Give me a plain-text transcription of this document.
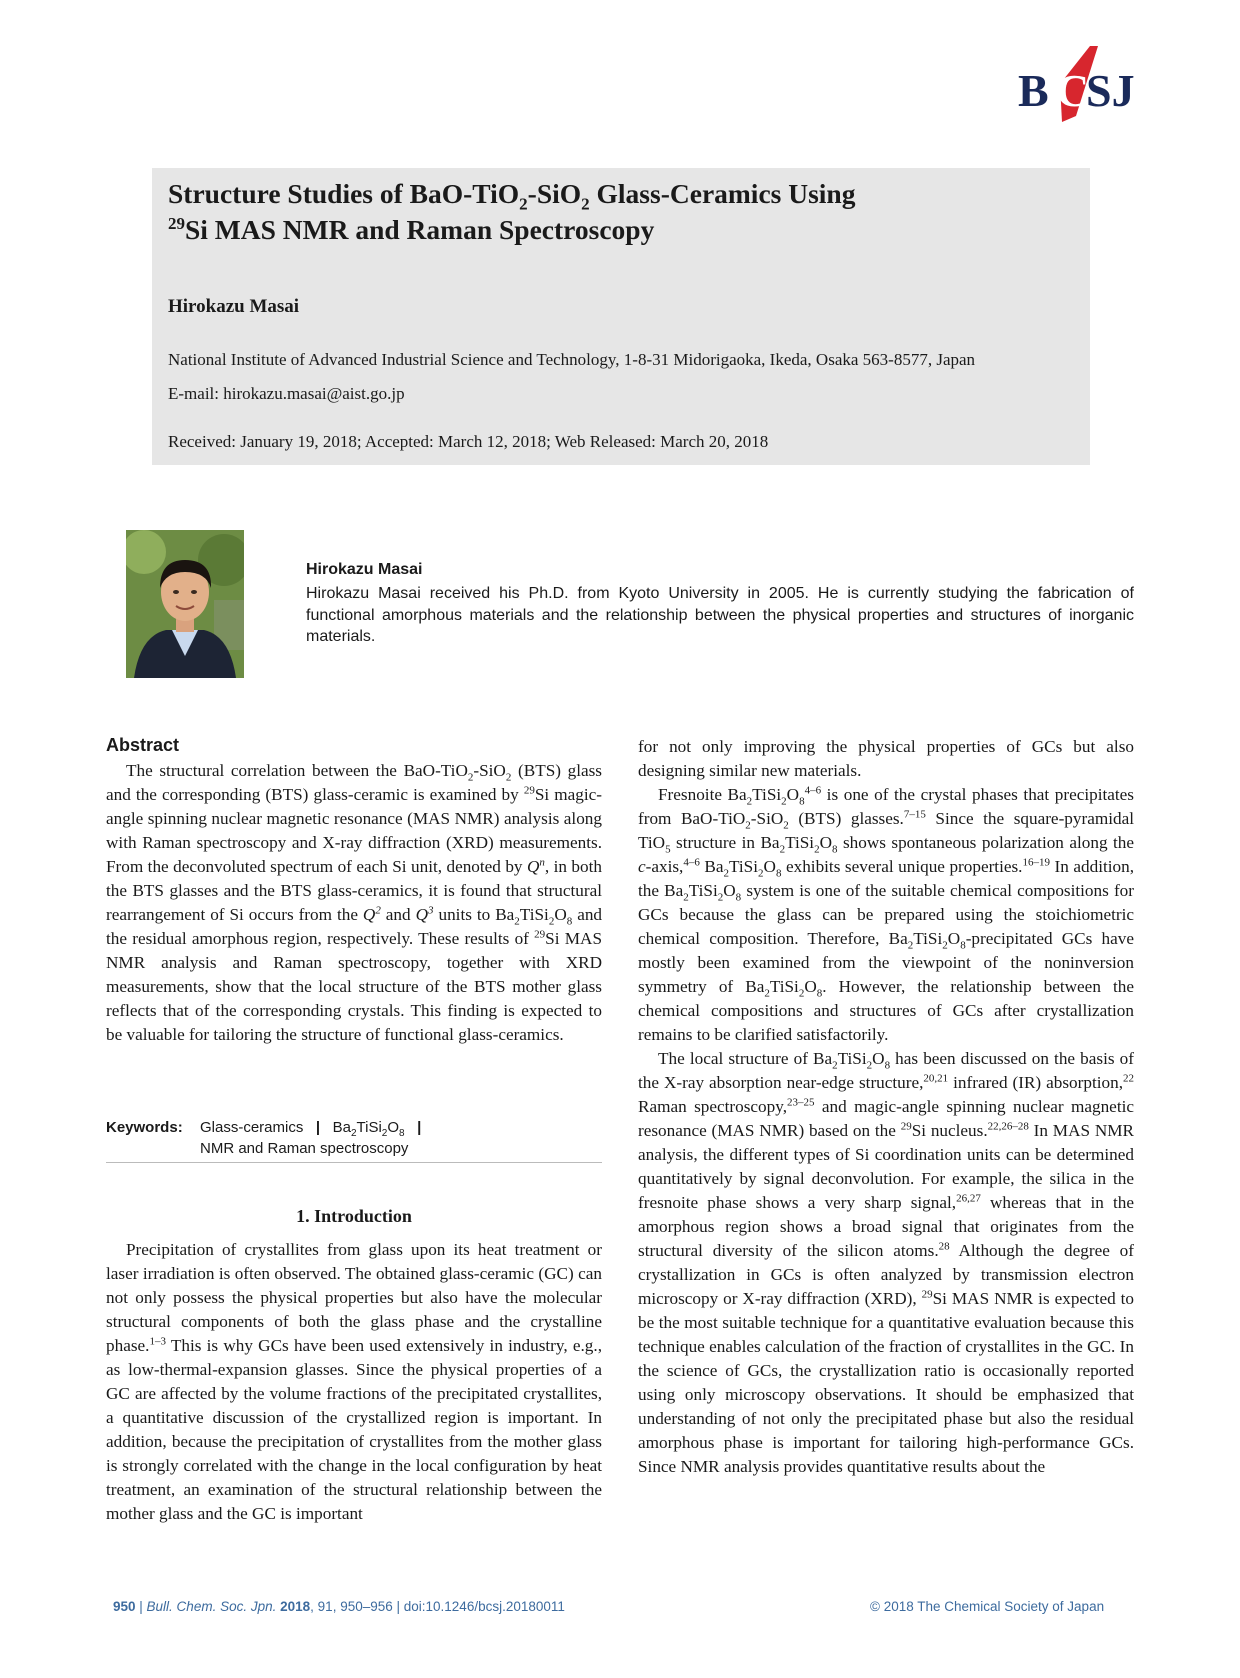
B C
SJ
Structure Studies of BaO-TiO$_2$-SiO$_2$ Glass-Ceramics Using
$^{29}$Si MAS NMR and Raman Spectroscopy
Hirokazu Masai
National Institute of Advanced Industrial Science and Technology, 1-8-31 Midorigaoka, Ikeda, Osaka 563-8577, Japan
E-mail: hirokazu.masai@aist.go.jp
Received: January 19, 2018; Accepted: March 12, 2018; Web Released: March 20, 2018
Hirokazu Masai
Hirokazu Masai received his Ph.D. from Kyoto University in 2005. He is currently studying the fabrication of functional amorphous materials and the relationship between the physical properties and structures of inorganic materials.
Abstract

The structural correlation between the BaO-TiO$_2$-SiO$_2$ (BTS) glass and the corresponding (BTS) glass-ceramic is examined by $^{29}$Si magic-angle spinning nuclear magnetic resonance (MAS NMR) analysis along with Raman spectroscopy and X-ray diffraction (XRD) measurements. From the deconvoluted spectrum of each Si unit, denoted by $Q^n$, in both the BTS glasses and the BTS glass-ceramics, it is found that structural rearrangement of Si occurs from the $Q^2$ and $Q^3$ units to $Ba_2TiSi_2O_8$ and the residual amorphous region, respectively. These results of $^{29}$Si MAS NMR analysis and Raman spectroscopy, together with XRD measurements, show that the local structure of the BTS mother glass reflects that of the corresponding crystals. This finding is expected to be valuable for tailoring the structure of functional glass-ceramics.

Keywords: Glass-ceramics | $Ba_2TiSi_2O_8$ |
NMR and Raman spectroscopy
1. Introduction

Precipitation of crystallites from glass upon its heat treatment or laser irradiation is often observed. The obtained glass-ceramic (GC) can not only possess the physical properties but also have the molecular structural components of both the glass phase and the crystalline phase.$^{1-3}$ This is why GCs have been used extensively in industry, e.g., as low-thermal-expansion glasses. Since the physical properties of a GC are affected by the volume fractions of the precipitated crystallites, a quantitative discussion of the crystallized region is important. In addition, because the precipitation of crystallites from the mother glass is strongly correlated with the change in the local configuration by heat treatment, an examination of the structural relationship between the mother glass and the GC is important

for not only improving the physical properties of GCs but also designing similar new materials.

Fresnoite $Ba_2TiSi_2O_8^{4-6}$ is one of the crystal phases that precipitates from BaO-TiO$_2$-SiO$_2$ (BTS) glasses.$^{7-15}$ Since the square-pyramidal TiO$_5$ structure in $Ba_2TiSi_2O_8$ shows spontaneous polarization along the c-axis,$^{4-6}$ $Ba_2TiSi_2O_8$ exhibits several unique properties.$^{16-19}$ In addition, the $Ba_2TiSi_2O_8$ system is one of the suitable chemical compositions for GCs because the glass can be prepared using the stoichiometric chemical composition. Therefore, $Ba_2TiSi_2O_8$-precipitated GCs have mostly been examined from the viewpoint of the noninversion symmetry of $Ba_2TiSi_2O_8$. However, the relationship between the chemical compositions and structures of GCs after crystallization remains to be clarified satisfactorily.

The local structure of $Ba_2TiSi_2O_8$ has been discussed on the basis of the X-ray absorption near-edge structure,$^{20,21}$ infrared (IR) absorption,$^{22}$ Raman spectroscopy,$^{23-25}$ and magic-angle spinning nuclear magnetic resonance (MAS NMR) based on the $^{29}$Si nucleus.$^{22,26-28}$ In MAS NMR analysis, the different types of Si coordination units can be determined quantitatively by signal deconvolution. For example, the silica in the fresnoite phase shows a very sharp signal,$^{26,27}$ whereas that in the amorphous region shows a broad signal that originates from the structural diversity of the silicon atoms.$^{28}$ Although the degree of crystallization in GCs is often analyzed by transmission electron microscopy or X-ray diffraction (XRD), $^{29}$Si MAS NMR is expected to be the most suitable technique for a quantitative evaluation because this technique enables calculation of the fraction of crystallites in the GC. In the science of GCs, the crystallization ratio is occasionally reported using only microscopy observations. It should be emphasized that understanding of not only the precipitated phase but also the residual amorphous phase is important for tailoring high-performance GCs. Since NMR analysis provides quantitative results about the

950 | Bull. Chem. Soc. Jpn. 2018, 91, 950–956 | doi:10.1246/bcsj.20180011	© 2018 The Chemical Society of Japan
